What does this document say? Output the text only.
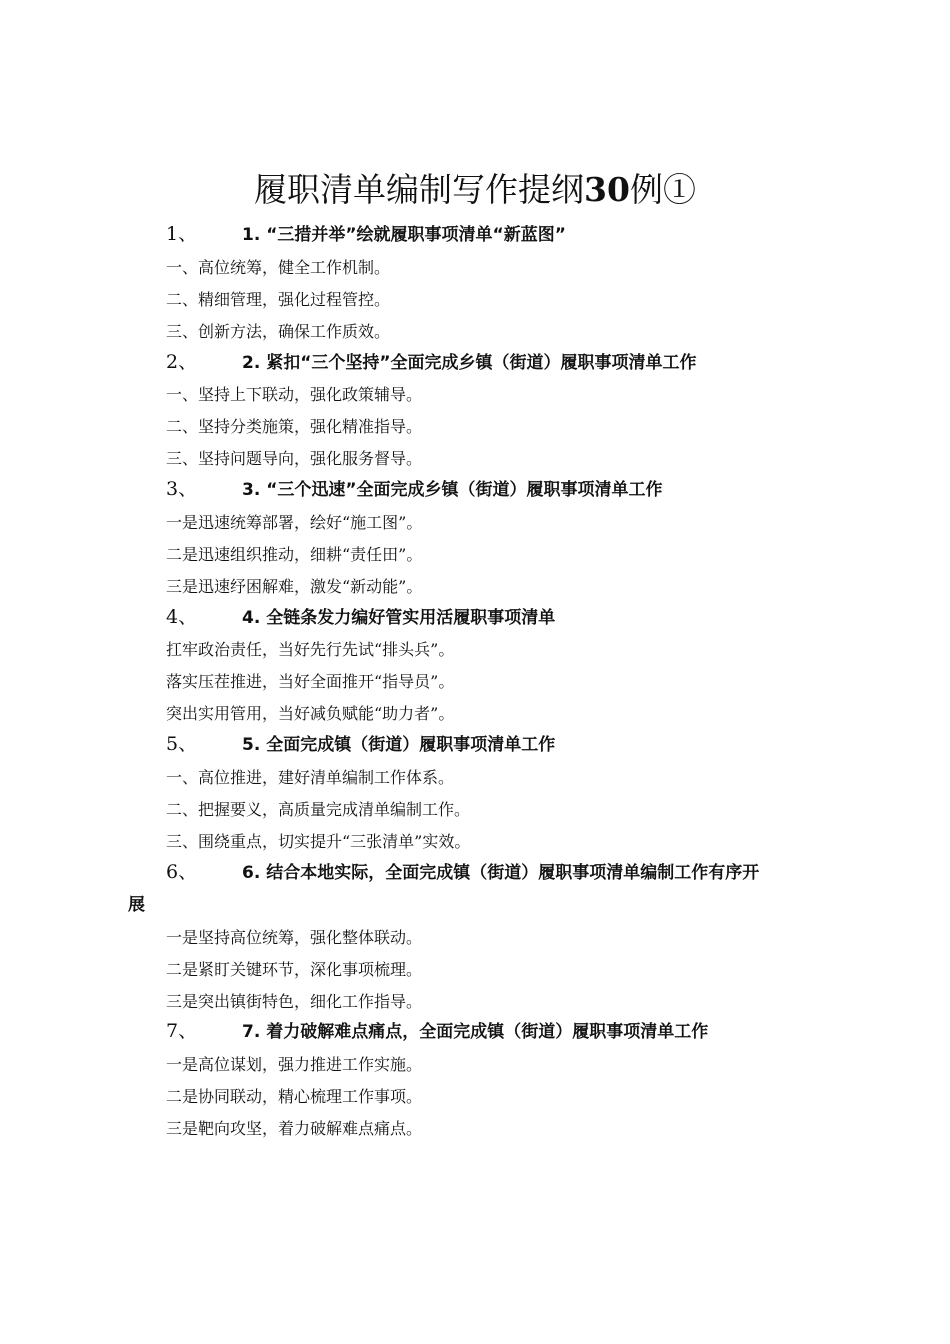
履职清单编制写作提纲30例①
1、	1. “三措并举”绘就履职事项清单“新蓝图”
一、高位统筹，健全工作机制。
二、精细管理，强化过程管控。
三、创新方法，确保工作质效。
2、	2. 紧扣“三个坚持”全面完成乡镇（街道）履职事项清单工作
一、坚持上下联动，强化政策辅导。
二、坚持分类施策，强化精准指导。
三、坚持问题导向，强化服务督导。
3、	3. “三个迅速”全面完成乡镇（街道）履职事项清单工作
一是迅速统筹部署，绘好“施工图”。
二是迅速组织推动，细耕“责任田”。
三是迅速纾困解难，激发“新动能”。
4、	4. 全链条发力编好管实用活履职事项清单
扛牢政治责任，当好先行先试“排头兵”。
落实压茬推进，当好全面推开“指导员”。
突出实用管用，当好减负赋能“助力者”。
5、	5. 全面完成镇（街道）履职事项清单工作
一、高位推进，建好清单编制工作体系。
二、把握要义，高质量完成清单编制工作。
三、围绕重点，切实提升“三张清单”实效。
6、	6. 结合本地实际，全面完成镇（街道）履职事项清单编制工作有序开
展
一是坚持高位统筹，强化整体联动。
二是紧盯关键环节，深化事项梳理。
三是突出镇街特色，细化工作指导。
7、	7. 着力破解难点痛点，全面完成镇（街道）履职事项清单工作
一是高位谋划，强力推进工作实施。
二是协同联动，精心梳理工作事项。
三是靶向攻坚，着力破解难点痛点。
